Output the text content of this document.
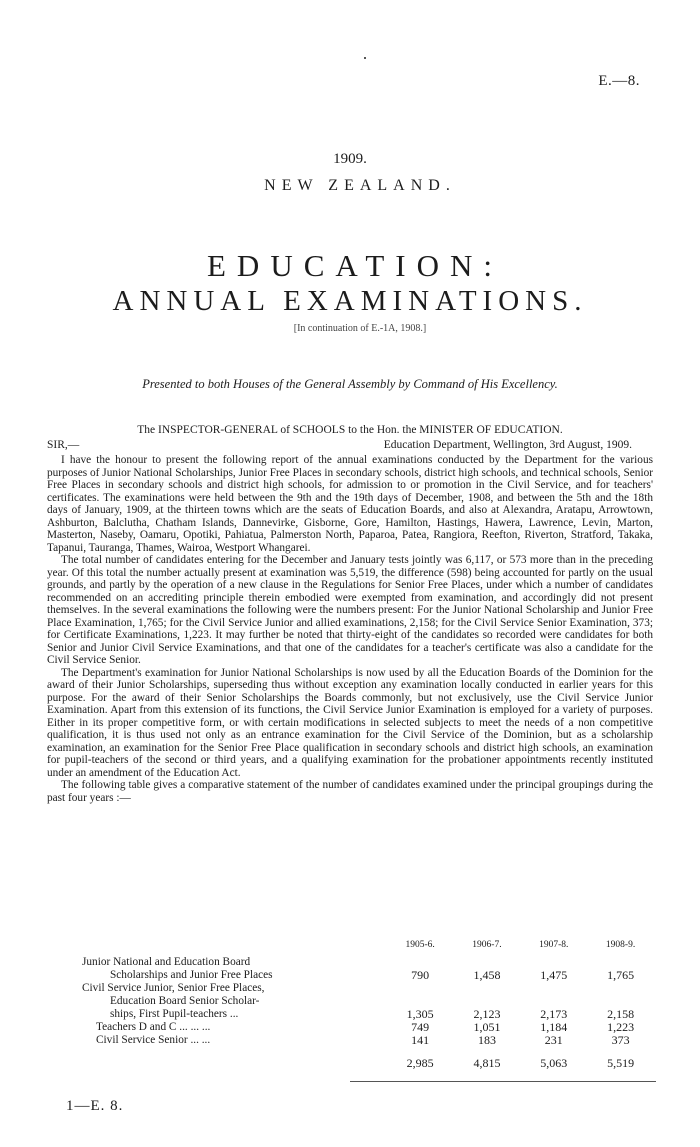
E.—8.
1909.
NEW ZEALAND.
EDUCATION:
ANNUAL EXAMINATIONS.
[In continuation of E.-1A, 1908.]
Presented to both Houses of the General Assembly by Command of His Excellency.
The INSPECTOR-GENERAL of SCHOOLS to the Hon. the MINISTER OF EDUCATION.
SIR,—	Education Department, Wellington, 3rd August, 1909.

I have the honour to present the following report of the annual examinations conducted by the Department for the various purposes of Junior National Scholarships, Junior Free Places in secondary schools, district high schools, and technical schools, Senior Free Places in secondary schools and district high schools, for admission to or promotion in the Civil Service, and for teachers' certificates. The examinations were held between the 9th and the 19th days of December, 1908, and between the 5th and the 18th days of January, 1909, at the thirteen towns which are the seats of Education Boards, and also at Alexandra, Aratapu, Arrowtown, Ashburton, Balclutha, Chatham Islands, Dannevirke, Gisborne, Gore, Hamilton, Hastings, Hawera, Lawrence, Levin, Marton, Masterton, Naseby, Oamaru, Opotiki, Pahiatua, Palmerston North, Paparoa, Patea, Rangiora, Reefton, Riverton, Stratford, Takaka, Tapanui, Tauranga, Thames, Wairoa, Westport Whangarei.

The total number of candidates entering for the December and January tests jointly was 6,117, or 573 more than in the preceding year. Of this total the number actually present at examination was 5,519, the difference (598) being accounted for partly on the usual grounds, and partly by the operation of a new clause in the Regulations for Senior Free Places, under which a number of candidates recommended on an accrediting principle therein embodied were exempted from examination, and accordingly did not present themselves. In the several examinations the following were the numbers present: For the Junior National Scholarship and Junior Free Place Examination, 1,765; for the Civil Service Junior and allied examinations, 2,158; for the Civil Service Senior Examination, 373; for Certificate Examinations, 1,223. It may further be noted that thirty-eight of the candidates so recorded were candidates for both Senior and Junior Civil Service Examinations, and that one of the candidates for a teacher's certificate was also a candidate for the Civil Service Senior.

The Department's examination for Junior National Scholarships is now used by all the Education Boards of the Dominion for the award of their Junior Scholarships, superseding thus without exception any examination locally conducted in earlier years for this purpose. For the award of their Senior Scholarships the Boards commonly, but not exclusively, use the Civil Service Junior Examination. Apart from this extension of its functions, the Civil Service Junior Examination is employed for a variety of purposes. Either in its proper competitive form, or with certain modifications in selected subjects to meet the needs of a non competitive qualification, it is thus used not only as an entrance examination for the Civil Service of the Dominion, but as a scholarship examination, an examination for the Senior Free Place qualification in secondary schools and district high schools, an examination for pupil-teachers of the second or third years, and a qualifying examination for the probationer appointments recently instituted under an amendment of the Education Act.

The following table gives a comparative statement of the number of candidates examined under the principal groupings during the past four years :—

	1905-6.	1906-7.	1907-8.	1908-9.
Junior National and Education Board
Scholarships and Junior Free Places	790	1,458	1,475	1,765
Civil Service Junior, Senior Free Places,
Education Board Senior Scholar-
ships, First Pupil-teachers ...	1,305	2,123	2,173	2,158
Teachers D and C ... ... ...	749	1,051	1,184	1,223
Civil Service Senior ... ...	141	183	231	373
	2,985	4,815	5,063	5,519
1—E. 8.
